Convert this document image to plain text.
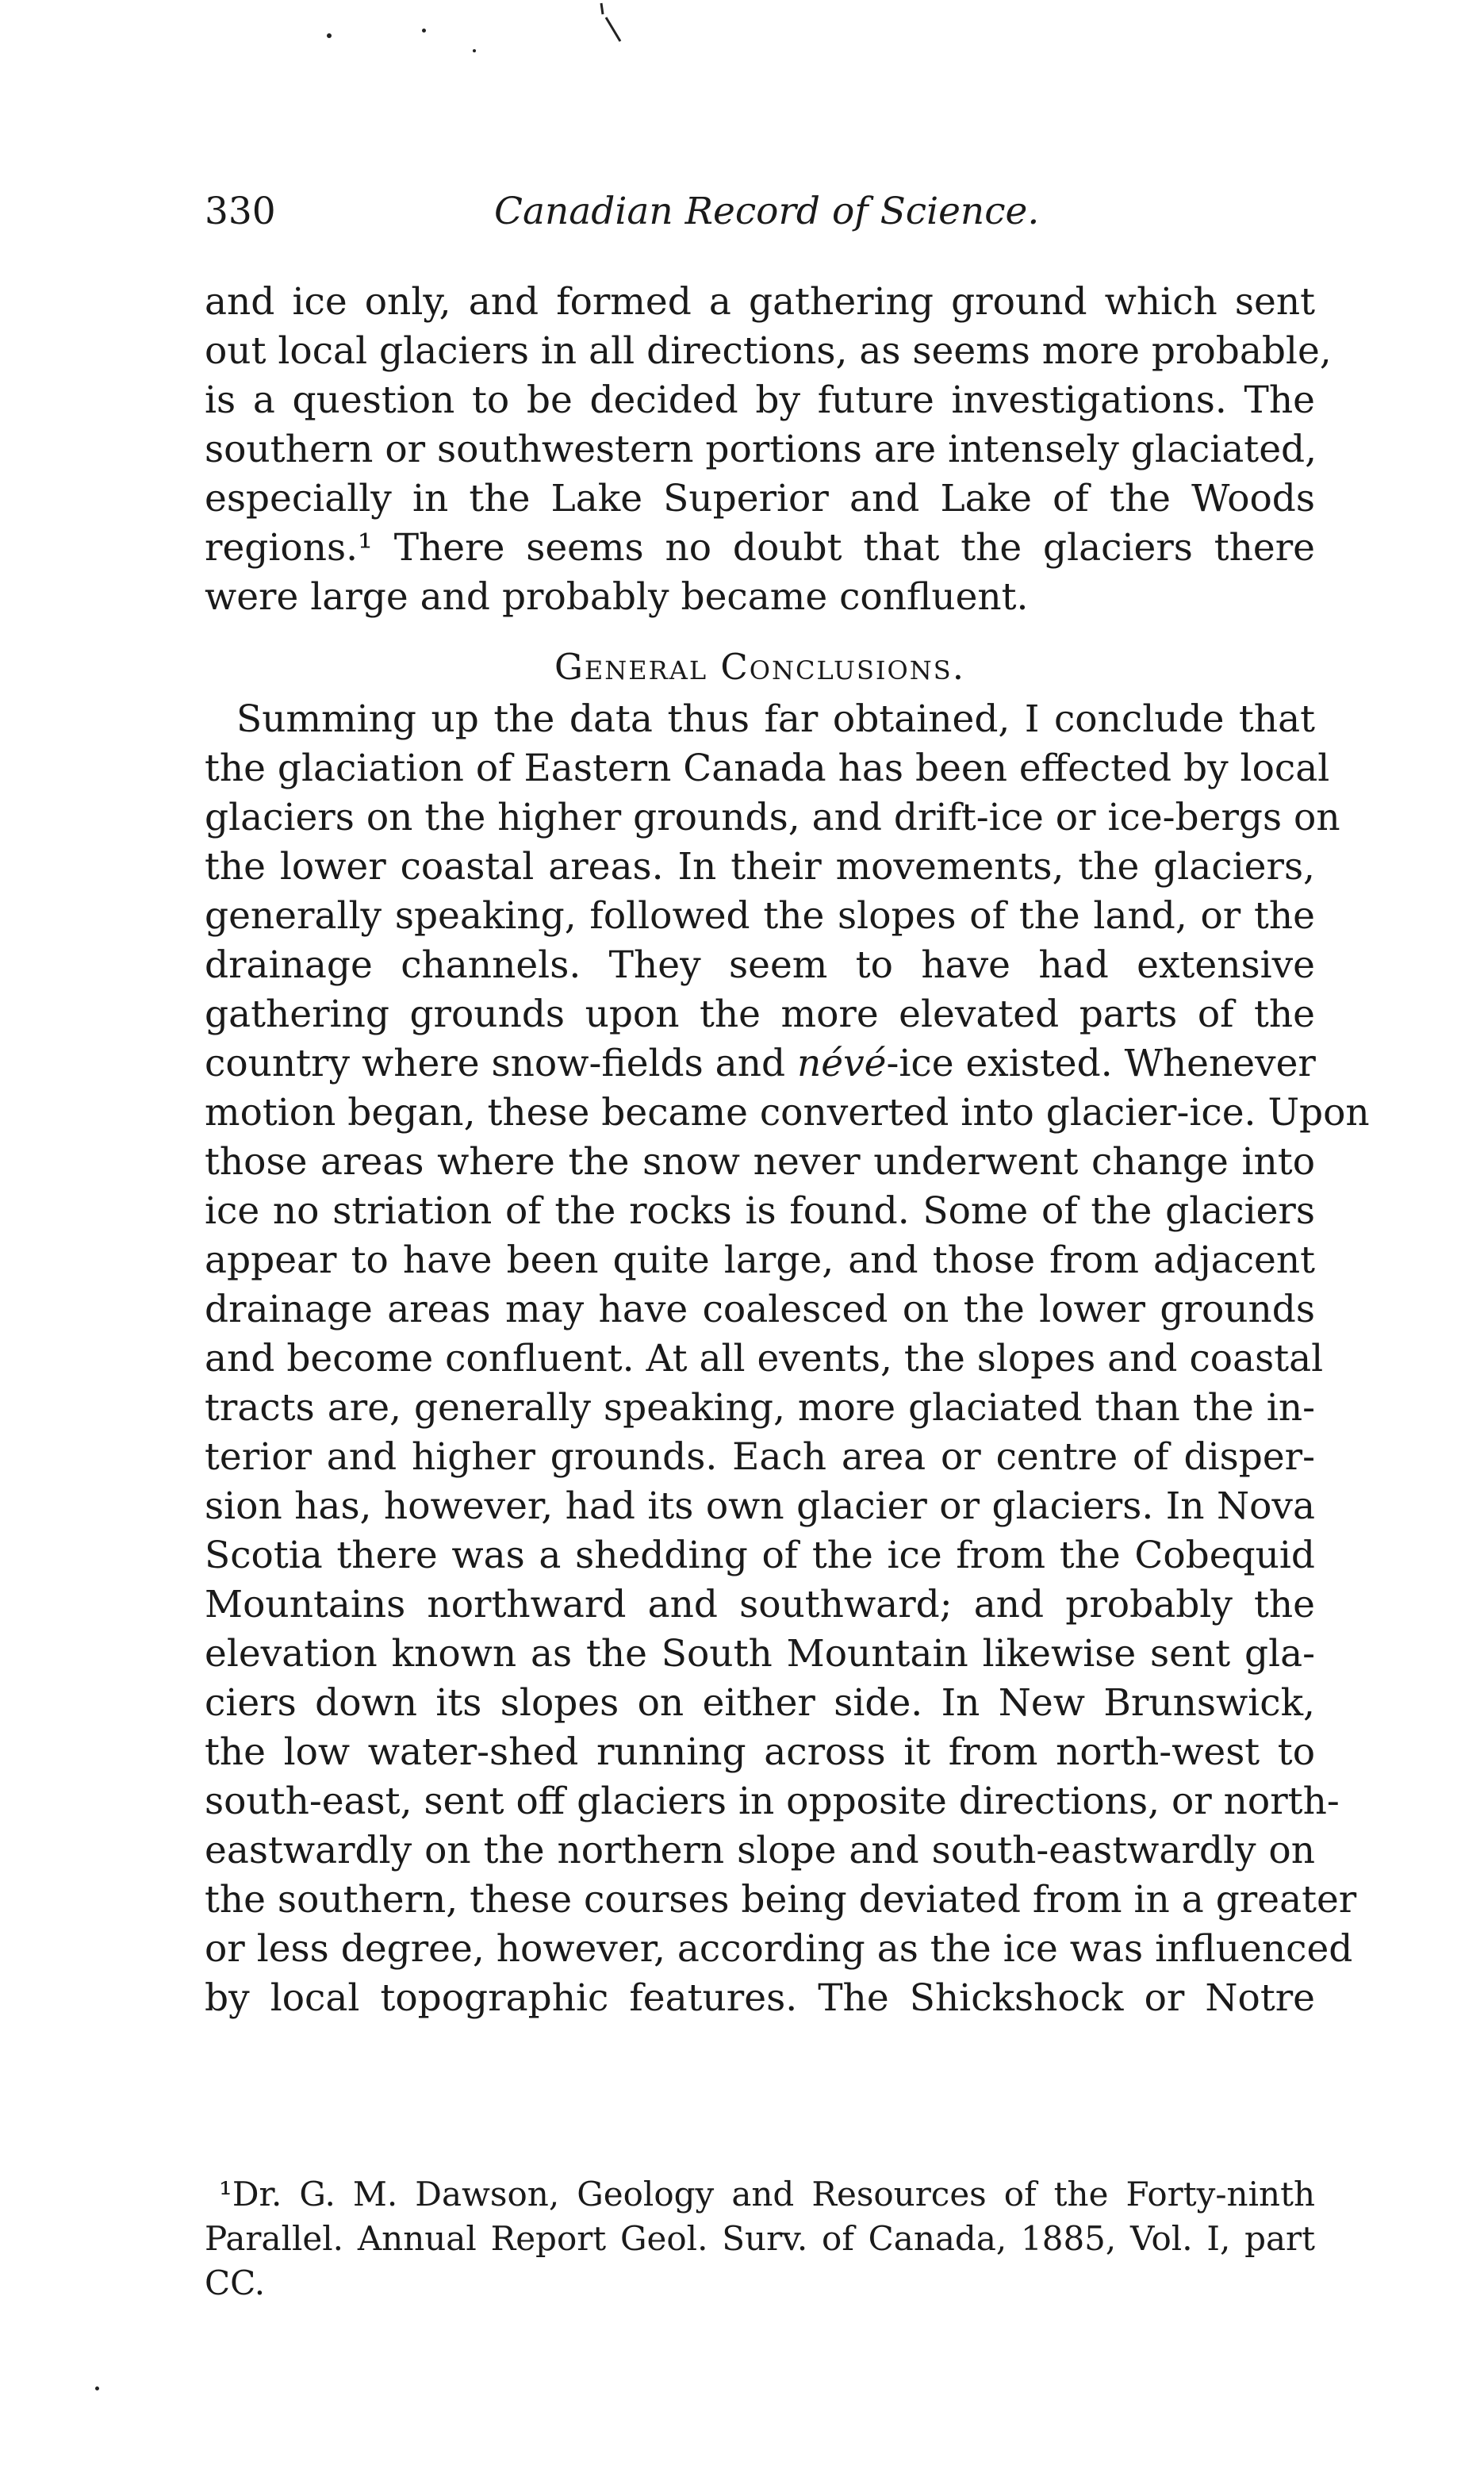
330	Canadian Record of Science.
and ice only, and formed a gathering ground which sent
out local glaciers in all directions, as seems more probable,
is a question to be decided by future investigations. The
southern or southwestern portions are intensely glaciated,
especially in the Lake Superior and Lake of the Woods
regions.¹ There seems no doubt that the glaciers there
were large and probably became confluent.
General Conclusions.
Summing up the data thus far obtained, I conclude that
the glaciation of Eastern Canada has been effected by local
glaciers on the higher grounds, and drift-ice or ice-bergs on
the lower coastal areas. In their movements, the glaciers,
generally speaking, followed the slopes of the land, or the
drainage channels. They seem to have had extensive
gathering grounds upon the more elevated parts of the
country where snow-fields and névé-ice existed. Whenever
motion began, these became converted into glacier-ice. Upon
those areas where the snow never underwent change into
ice no striation of the rocks is found. Some of the glaciers
appear to have been quite large, and those from adjacent
drainage areas may have coalesced on the lower grounds
and become confluent. At all events, the slopes and coastal
tracts are, generally speaking, more glaciated than the in-
terior and higher grounds. Each area or centre of disper-
sion has, however, had its own glacier or glaciers. In Nova
Scotia there was a shedding of the ice from the Cobequid
Mountains northward and southward; and probably the
elevation known as the South Mountain likewise sent gla-
ciers down its slopes on either side. In New Brunswick,
the low water-shed running across it from north-west to
south-east, sent off glaciers in opposite directions, or north-
eastwardly on the northern slope and south-eastwardly on
the southern, these courses being deviated from in a greater
or less degree, however, according as the ice was influenced
by local topographic features. The Shickshock or Notre
¹Dr. G. M. Dawson, Geology and Resources of the Forty-ninth
Parallel. Annual Report Geol. Surv. of Canada, 1885, Vol. I, part
CC.
